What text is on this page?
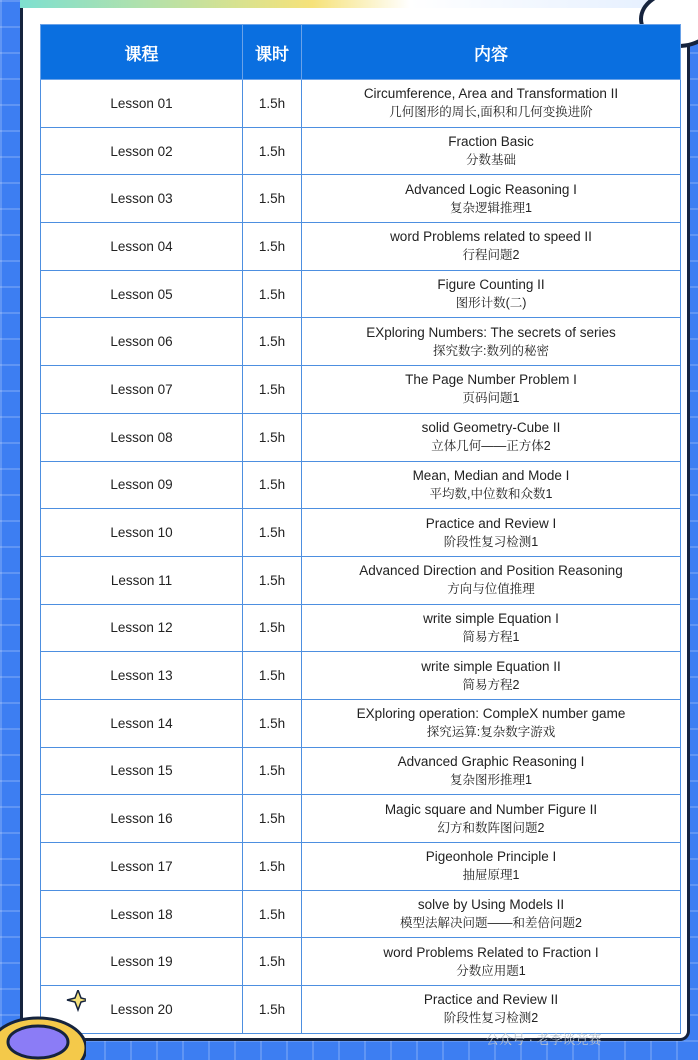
课程	课时	内容
Lesson 01	1.5h	Circumference, Area and Transformation II
几何图形的周长,面积和几何变换进阶

Lesson 02	1.5h	Fraction Basic
分数基础

Lesson 03	1.5h	Advanced Logic Reasoning I
复杂逻辑推理1

Lesson 04	1.5h	word Problems related to speed II
行程问题2

Lesson 05	1.5h	Figure Counting II
图形计数(二)

Lesson 06	1.5h	EXploring Numbers: The secrets of series
探究数字:数列的秘密

Lesson 07	1.5h	The Page Number Problem I
页码问题1

Lesson 08	1.5h	solid Geometry-Cube II
立体几何——正方体2

Lesson 09	1.5h	Mean, Median and Mode I
平均数,中位数和众数1

Lesson 10	1.5h	Practice and Review I
阶段性复习检测1

Lesson 11	1.5h	Advanced Direction and Position Reasoning
方向与位值推理

Lesson 12	1.5h	write simple Equation I
简易方程1

Lesson 13	1.5h	write simple Equation II
简易方程2

Lesson 14	1.5h	EXploring operation: CompleX number game
探究运算:复杂数字游戏

Lesson 15	1.5h	Advanced Graphic Reasoning I
复杂图形推理1

Lesson 16	1.5h	Magic square and Number Figure II
幻方和数阵图问题2

Lesson 17	1.5h	Pigeonhole Principle I
抽屉原理1

Lesson 18	1.5h	solve by Using Models II
模型法解决问题——和差倍问题2

Lesson 19	1.5h	word Problems Related to Fraction I
分数应用题1

Lesson 20	1.5h	Practice and Review II
阶段性复习检测2
公众号 · 老李谈竞赛
